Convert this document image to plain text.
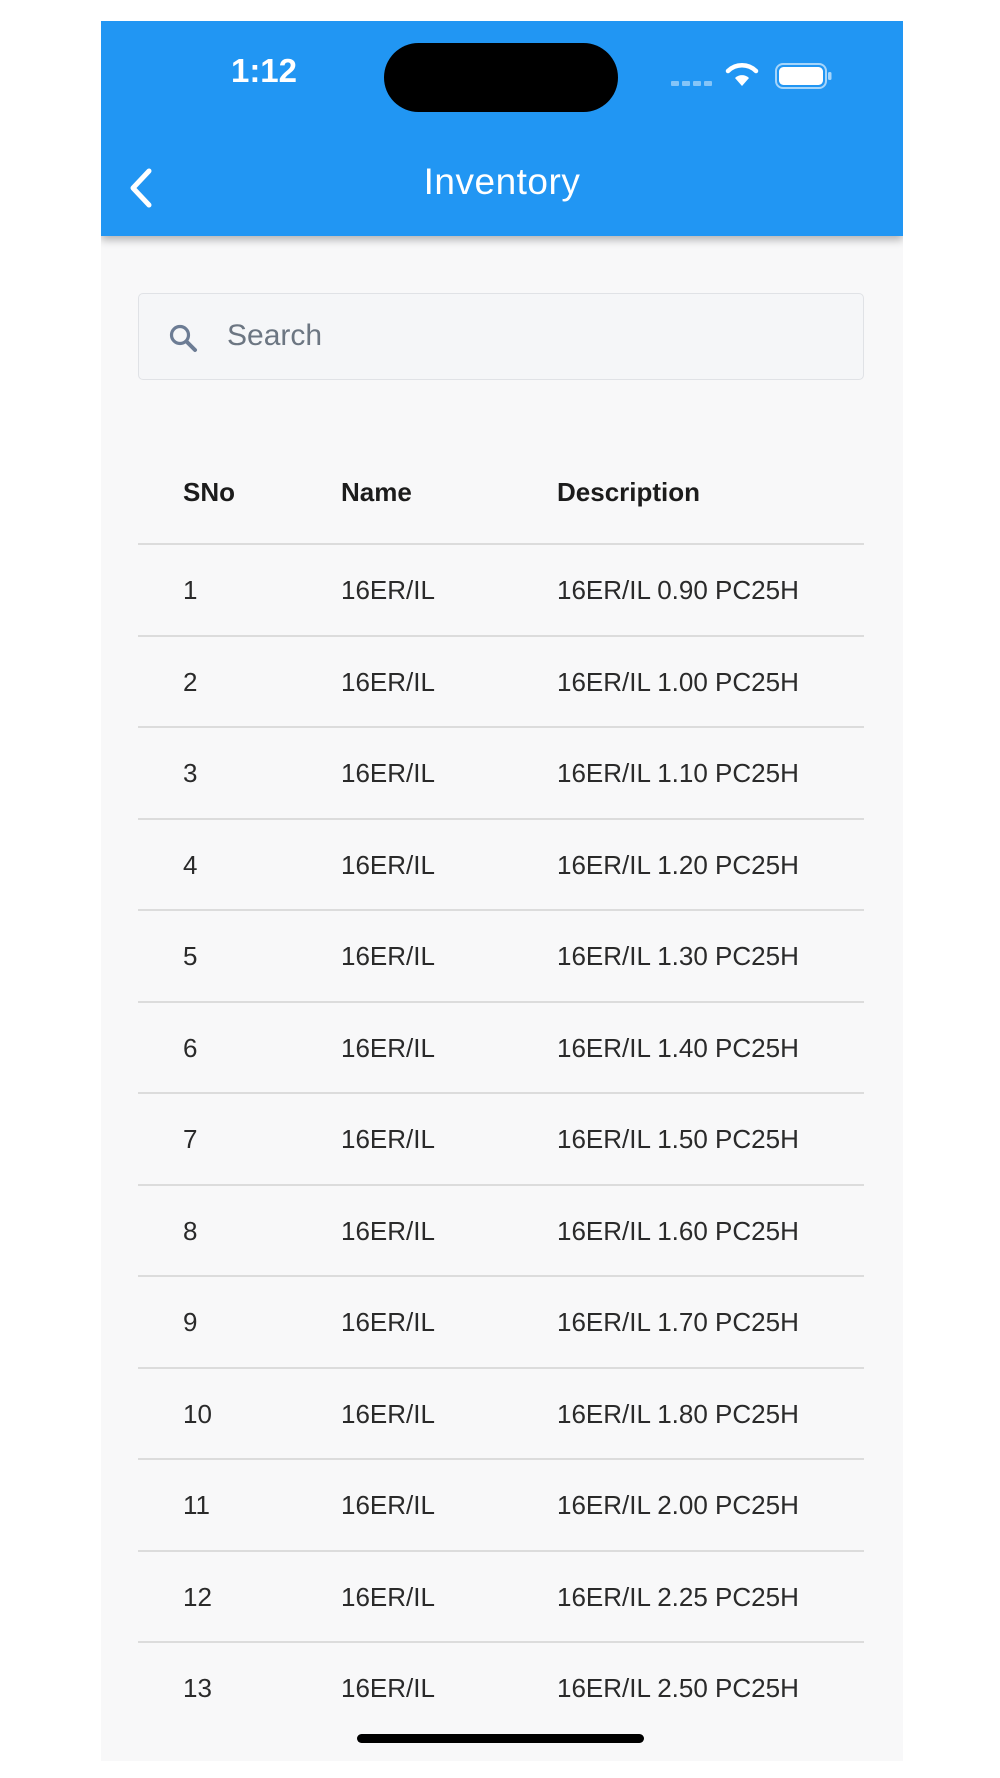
1:12
Inventory
Search
SNo	Name	Description
1	16ER/IL	16ER/IL 0.90 PC25H
2	16ER/IL	16ER/IL 1.00 PC25H
3	16ER/IL	16ER/IL 1.10 PC25H
4	16ER/IL	16ER/IL 1.20 PC25H
5	16ER/IL	16ER/IL 1.30 PC25H
6	16ER/IL	16ER/IL 1.40 PC25H
7	16ER/IL	16ER/IL 1.50 PC25H
8	16ER/IL	16ER/IL 1.60 PC25H
9	16ER/IL	16ER/IL 1.70 PC25H
10	16ER/IL	16ER/IL 1.80 PC25H
11	16ER/IL	16ER/IL 2.00 PC25H
12	16ER/IL	16ER/IL 2.25 PC25H
13	16ER/IL	16ER/IL 2.50 PC25H
